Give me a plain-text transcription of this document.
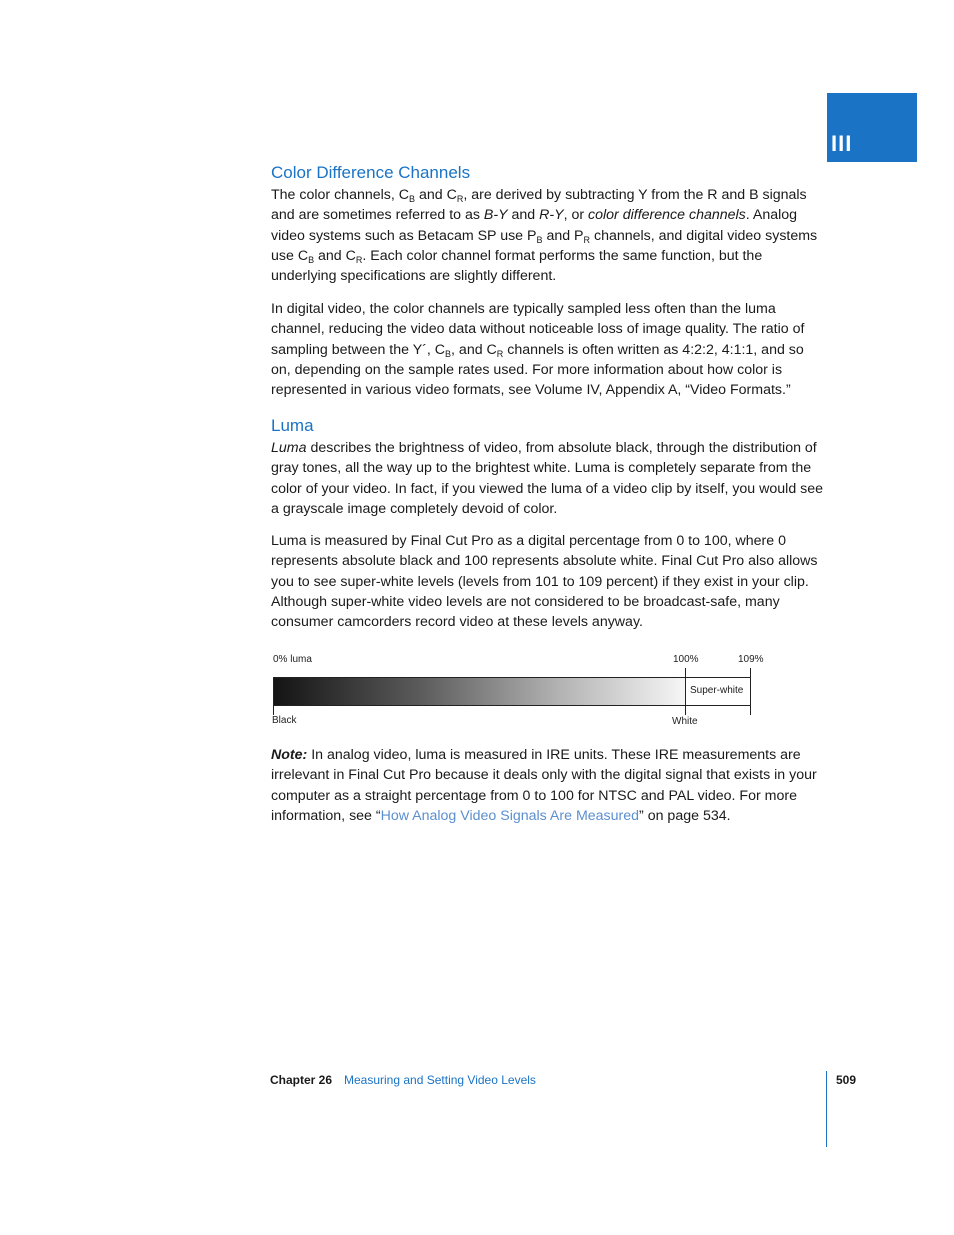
III
Color Difference Channels

The color channels, $C_B$ and $C_R$, are derived by subtracting Y from the R and B signals and are sometimes referred to as B-Y and R-Y, or color difference channels. Analog video systems such as Betacam SP use $P_B$ and $P_R$ channels, and digital video systems use $C_B$ and $C_R$. Each color channel format performs the same function, but the underlying specifications are slightly different.

In digital video, the color channels are typically sampled less often than the luma channel, reducing the video data without noticeable loss of image quality. The ratio of sampling between the Y´, $C_B$, and $C_R$ channels is often written as 4:2:2, 4:1:1, and so on, depending on the sample rates used. For more information about how color is represented in various video formats, see Volume IV, Appendix A, “Video Formats.”

Luma

Luma describes the brightness of video, from absolute black, through the distribution of gray tones, all the way up to the brightest white. Luma is completely separate from the color of your video. In fact, if you viewed the luma of a video clip by itself, you would see a grayscale image completely devoid of color.

Luma is measured by Final Cut Pro as a digital percentage from 0 to 100, where 0 represents absolute black and 100 represents absolute white. Final Cut Pro also allows you to see super-white levels (levels from 101 to 109 percent) if they exist in your clip. Although super-white video levels are not considered to be broadcast-safe, many consumer camcorders record video at these levels anyway.

0% luma	100%	109%
Super-white
Black	White

Note: In analog video, luma is measured in IRE units. These IRE measurements are irrelevant in Final Cut Pro because it deals only with the digital signal that exists in your computer as a straight percentage from 0 to 100 for NTSC and PAL video. For more information, see “How Analog Video Signals Are Measured” on page 534.

Chapter 26 Measuring and Setting Video Levels	509
